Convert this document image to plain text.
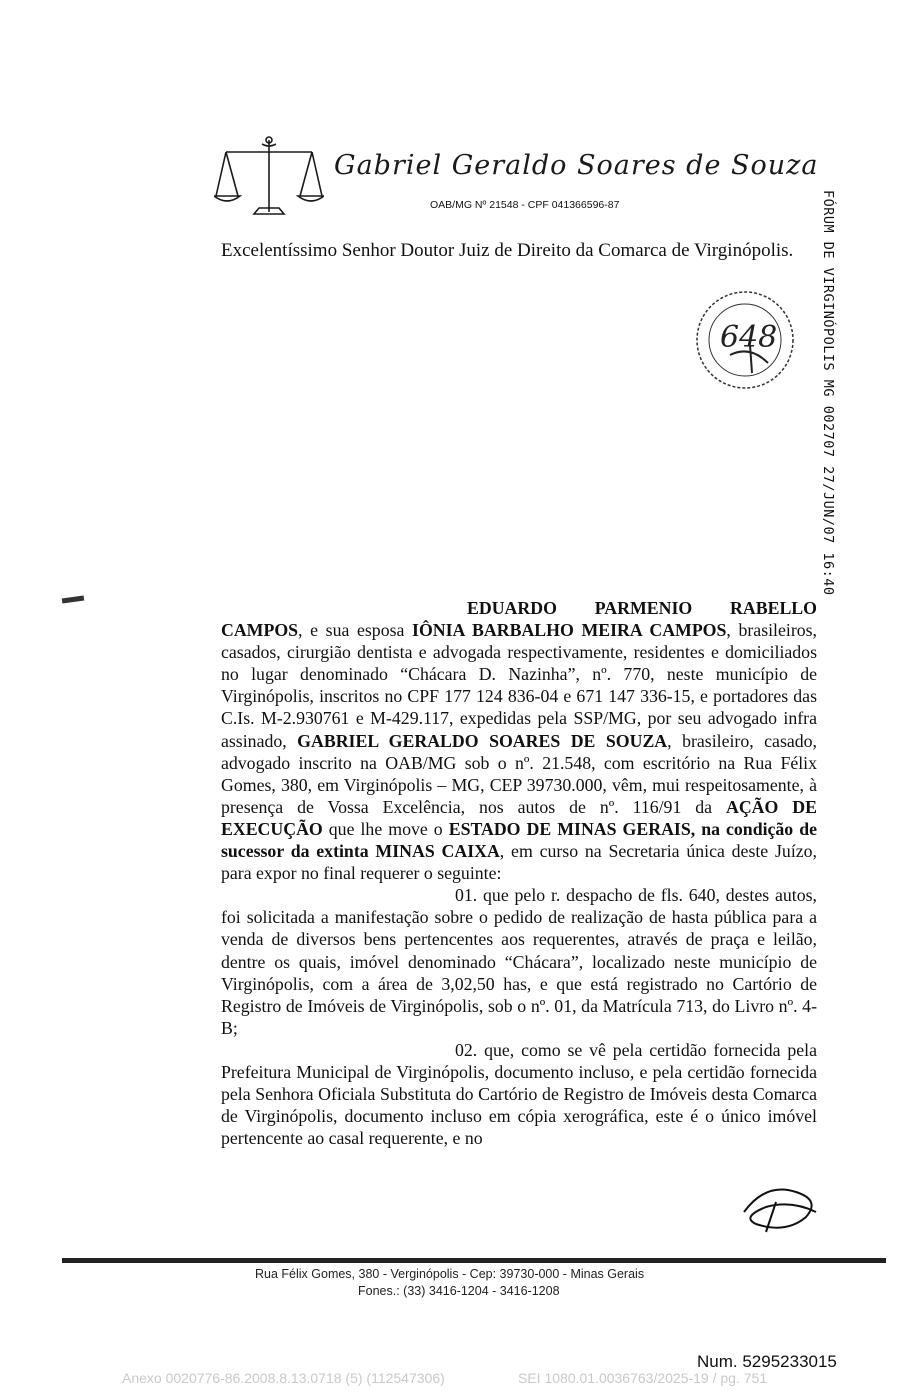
Gabriel Geraldo Soares de Souza
OAB/MG Nº 21548 - CPF 041366596-87
Excelentíssimo Senhor Doutor Juiz de Direito da Comarca de Virginópolis. FÓRUM DE VIRGINÓPOLIS MG 002707 27/JUN/07 16:40
648

EDUARDO PARMENIO RABELLO CAMPOS, e sua esposa IÔNIA BARBALHO MEIRA CAMPOS, brasileiros, casados, cirurgião dentista e advogada respectivamente, residentes e domiciliados no lugar denominado “Chácara D. Nazinha”, nº. 770, neste município de Virginópolis, inscritos no CPF 177 124 836-04 e 671 147 336-15, e portadores das C.Is. M-2.930761 e M-429.117, expedidas pela SSP/MG, por seu advogado infra assinado, GABRIEL GERALDO SOARES DE SOUZA, brasileiro, casado, advogado inscrito na OAB/MG sob o nº. 21.548, com escritório na Rua Félix Gomes, 380, em Virginópolis – MG, CEP 39730.000, vêm, mui respeitosamente, à presença de Vossa Excelência, nos autos de nº. 116/91 da AÇÃO DE EXECUÇÃO que lhe move o ESTADO DE MINAS GERAIS, na condição de sucessor da extinta MINAS CAIXA, em curso na Secretaria única deste Juízo, para expor no final requerer o seguinte:

01. que pelo r. despacho de fls. 640, destes autos, foi solicitada a manifestação sobre o pedido de realização de hasta pública para a venda de diversos bens pertencentes aos requerentes, através de praça e leilão, dentre os quais, imóvel denominado “Chácara”, localizado neste município de Virginópolis, com a área de 3,02,50 has, e que está registrado no Cartório de Registro de Imóveis de Virginópolis, sob o nº. 01, da Matrícula 713, do Livro nº. 4-B;

02. que, como se vê pela certidão fornecida pela Prefeitura Municipal de Virginópolis, documento incluso, e pela certidão fornecida pela Senhora Oficiala Substituta do Cartório de Registro de Imóveis desta Comarca de Virginópolis, documento incluso em cópia xerográfica, este é o único imóvel pertencente ao casal requerente, e no

Rua Félix Gomes, 380 - Verginópolis - Cep: 39730-000 - Minas Gerais
Fones.: (33) 3416-1204 - 3416-1208
Num. 5295233015
Anexo 0020776-86.2008.8.13.0718 (5) (112547306)	SEI 1080.01.0036763/2025-19 / pg. 751
